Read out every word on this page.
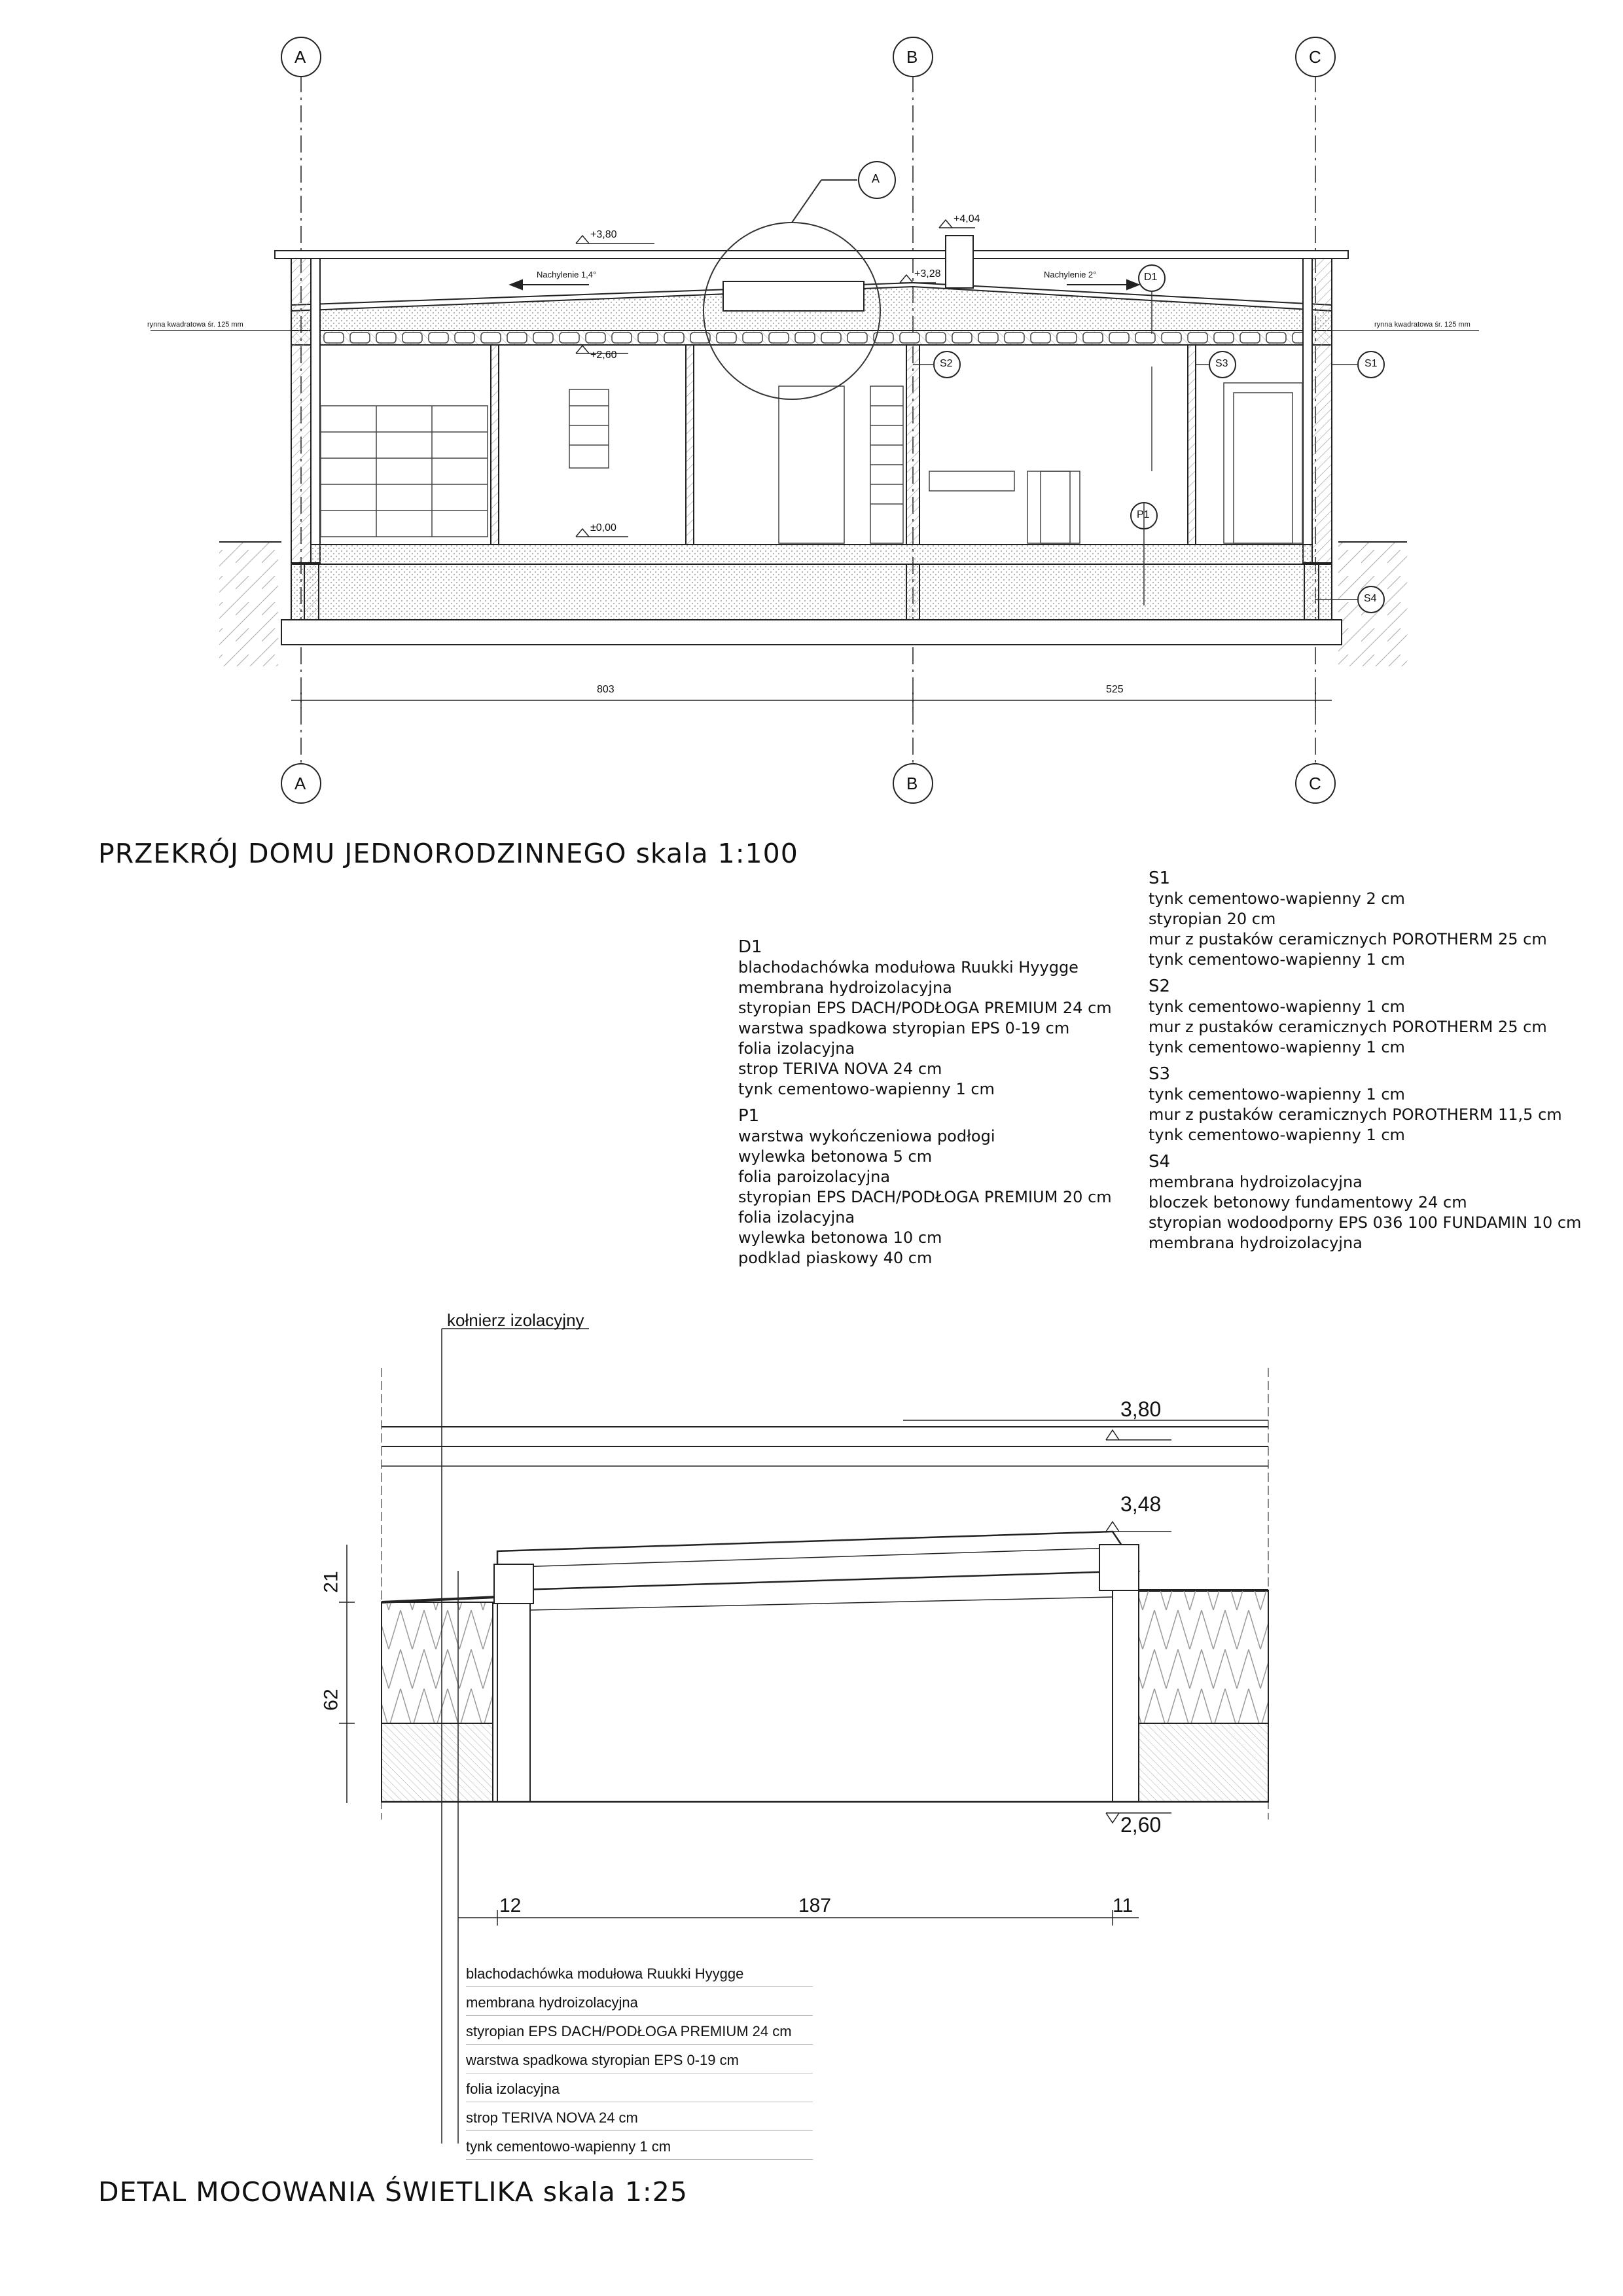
A	B	C
A	B	C
A
+3,80
+4,04
+3,28
+2,60
±0,00
Nachylenie 1,4°	Nachylenie 2°
rynna kwadratowa śr. 125 mm	rynna kwadratowa śr. 125 mm
D1
S2	S3	S1
P1
S4
803	525
PRZEKRÓJ DOMU JEDNORODZINNEGO skala 1:100
D1
blachodachówka modułowa Ruukki Hyygge
membrana hydroizolacyjna
styropian EPS DACH/PODŁOGA PREMIUM 24 cm
warstwa spadkowa styropian EPS 0-19 cm
folia izolacyjna
strop TERIVA NOVA 24 cm
tynk cementowo-wapienny 1 cm
P1
warstwa wykończeniowa podłogi
wylewka betonowa 5 cm
folia paroizolacyjna
styropian EPS DACH/PODŁOGA PREMIUM 20 cm
folia izolacyjna
wylewka betonowa 10 cm
podklad piaskowy 40 cm
S1
tynk cementowo-wapienny 2 cm
styropian 20 cm
mur z pustaków ceramicznych POROTHERM 25 cm
tynk cementowo-wapienny 1 cm
S2
tynk cementowo-wapienny 1 cm
mur z pustaków ceramicznych POROTHERM 25 cm
tynk cementowo-wapienny 1 cm
S3
tynk cementowo-wapienny 1 cm
mur z pustaków ceramicznych POROTHERM 11,5 cm
tynk cementowo-wapienny 1 cm
S4
membrana hydroizolacyjna
bloczek betonowy fundamentowy 24 cm
styropian wodoodporny EPS 036 100 FUNDAMIN 10 cm
membrana hydroizolacyjna
kołnierz izolacyjny
3,80
3,48
2,60
21
62
12	187	11
blachodachówka modułowa Ruukki Hyygge
membrana hydroizolacyjna
styropian EPS DACH/PODŁOGA PREMIUM 24 cm
warstwa spadkowa styropian EPS 0-19 cm
folia izolacyjna
strop TERIVA NOVA 24 cm
tynk cementowo-wapienny 1 cm
DETAL MOCOWANIA ŚWIETLIKA skala 1:25
